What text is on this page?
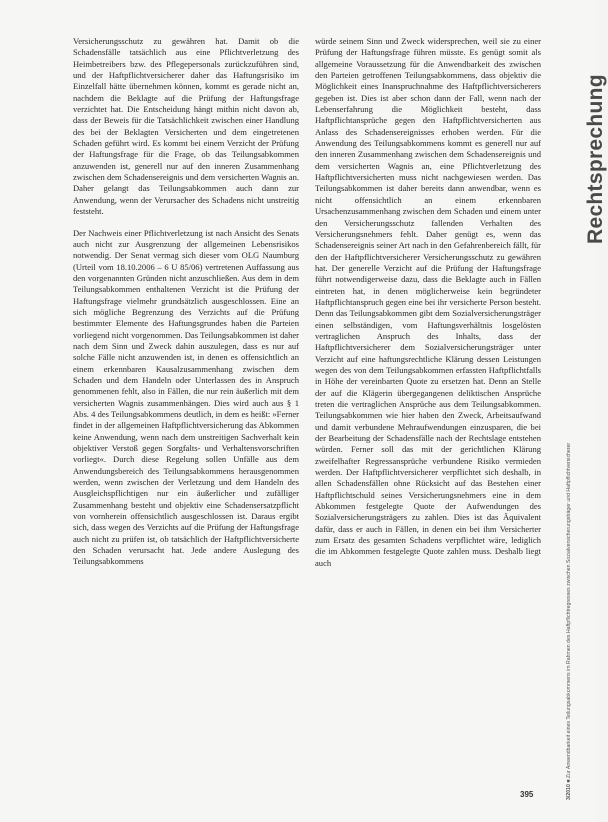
Versicherungsschutz zu gewähren hat. Damit ob die Schadensfälle tatsächlich aus eine Pflichtverletzung des Heimbetreibers bzw. des Pflegepersonals zurückzuführen sind, und der Haftpflichtversicherer daher das Haftungsrisiko im Einzelfall hätte übernehmen können, kommt es gerade nicht an, nachdem die Beklagte auf die Prüfung der Haftungsfrage verzichtet hat. Die Entscheidung hängt mithin nicht davon ab, dass der Beweis für die Tatsächlichkeit zwischen einer Handlung des bei der Beklagten Versicherten und dem eingetretenen Schaden geführt wird. Es kommt bei einem Verzicht der Prüfung der Haftungsfrage für die Frage, ob das Teilungsabkommen anzuwenden ist, generell nur auf den inneren Zusammenhang zwischen dem Schadensereignis und dem versicherten Wagnis an. Daher gelangt das Teilungsabkommen auch dann zur Anwendung, wenn der Verursacher des Schadens nicht unstreitig feststeht.

Der Nachweis einer Pflichtverletzung ist nach Ansicht des Senats auch nicht zur Ausgrenzung der allgemeinen Lebensrisikos notwendig. Der Senat vermag sich dieser vom OLG Naumburg (Urteil vom 18.10.2006 – 6 U 85/06) vertretenen Auffassung aus den vorgenannten Gründen nicht anzuschließen. Aus dem in dem Teilungsabkommen enthaltenen Verzicht ist die Prüfung der Haftungsfrage vielmehr grundsätzlich ausgeschlossen. Eine an sich mögliche Begrenzung des Verzichts auf die Prüfung bestimmter Elemente des Haftungsgrundes haben die Parteien vorliegend nicht vorgenommen. Das Teilungsabkommen ist daher nach dem Sinn und Zweck dahin auszulegen, dass es nur auf solche Fälle nicht anzuwenden ist, in denen es offensichtlich an einem erkennbaren Kausalzusammenhang zwischen dem Schaden und dem Handeln oder Unterlassen des in Anspruch genommenen fehlt, also in Fällen, die nur rein äußerlich mit dem versicherten Wagnis zusammenhängen. Dies wird auch aus § 1 Abs. 4 des Teilungsabkommens deutlich, in dem es heißt: »Ferner findet in der allgemeinen Haftpflichtversicherung das Abkommen keine Anwendung, wenn nach dem unstreitigen Sachverhalt kein objektiver Verstoß gegen Sorgfalts- und Verhaltensvorschriften vorliegt«. Durch diese Regelung sollen Unfälle aus dem Anwendungsbereich des Teilungsabkommens herausgenommen werden, wenn zwischen der Verletzung und dem Handeln des Ausgleichspflichtigen nur ein äußerlicher und zufälliger Zusammenhang besteht und objektiv eine Schadensersatzpflicht von vornherein offensichtlich ausgeschlossen ist. Daraus ergibt sich, dass wegen des Verzichts auf die Prüfung der Haftungsfrage auch nicht zu prüfen ist, ob tatsächlich der Haftpflichtversicherte den Schaden verursacht hat. Jede andere Auslegung des Teilungsabkommens

würde seinem Sinn und Zweck widersprechen, weil sie zu einer Prüfung der Haftungsfrage führen müsste. Es genügt somit als allgemeine Voraussetzung für die Anwendbarkeit des zwischen den Parteien getroffenen Teilungsabkommens, dass objektiv die Möglichkeit eines Inanspruchnahme des Haftpflichtversicherers gegeben ist. Dies ist aber schon dann der Fall, wenn nach der Lebenserfahrung die Möglichkeit besteht, dass Haftpflichtansprüche gegen den Haftpflichtversicherten aus Anlass des Schadensereignisses erhoben werden. Für die Anwendung des Teilungsabkommens kommt es generell nur auf den inneren Zusammenhang zwischen dem Schadensereignis und dem versicherten Wagnis an, eine Pflichtverletzung des Haftpflichtversicherten muss nicht nachgewiesen werden. Das Teilungsabkommen ist daher bereits dann anwendbar, wenn es nicht offensichtlich an einem erkennbaren Ursachenzusammenhang zwischen dem Schaden und einem unter den Versicherungsschutz fallenden Verhalten des Versicherungsnehmers fehlt. Daher genügt es, wenn das Schadensereignis seiner Art nach in den Gefahrenbereich fällt, für den der Haftpflichtversicherer Versicherungsschutz zu gewähren hat. Der generelle Verzicht auf die Prüfung der Haftungsfrage führt notwendigerweise dazu, dass die Beklagte auch in Fällen eintreten hat, in denen möglicherweise kein begründeter Haftpflichtanspruch gegen eine bei ihr versicherte Person besteht. Denn das Teilungsabkommen gibt dem Sozialversicherungsträger einen selbständigen, vom Haftungsverhältnis losgelösten vertraglichen Anspruch des Inhalts, dass der Haftpflichtversicherer dem Sozialversicherungsträger unter Verzicht auf eine haftungsrechtliche Klärung dessen Leistungen wegen des von dem Teilungsabkommen erfassten Haftpflichtfalls in Höhe der vereinbarten Quote zu ersetzen hat. Denn an Stelle der auf die Klägerin übergegangenen deliktischen Ansprüche treten die vertraglichen Ansprüche aus dem Teilungsabkommen. Teilungsabkommen wie hier haben den Zweck, Arbeitsaufwand und damit verbundene Mehraufwendungen einzusparen, die bei der Bearbeitung der Schadensfälle nach der Rechtslage entstehen würden. Ferner soll das mit der gerichtlichen Klärung zweifelhafter Regressansprüche verbundene Risiko vermieden werden. Der Haftpflichtversicherer verpflichtet sich deshalb, in allen Schadensfällen ohne Rücksicht auf das Bestehen einer Haftpflichtschuld seines Versicherungsnehmers eine in dem Abkommen festgelegte Quote der Aufwendungen des Sozialversicherungsträgers zu zahlen. Dies ist das Äquivalent dafür, dass er auch in Fällen, in denen ein bei ihm Versicherter zum Ersatz des gesamten Schadens verpflichtet wäre, lediglich die im Abkommen festgelegte Quote zahlen muss. Deshalb liegt auch

Rechtsprechung
3/2010 ■ Zur Anwendbarkeit eines Teilungsabkommens im Rahmen des Haftpflichtregresses zwischen Sozialversicherungsträger und Haftpflichtversicherer
395
